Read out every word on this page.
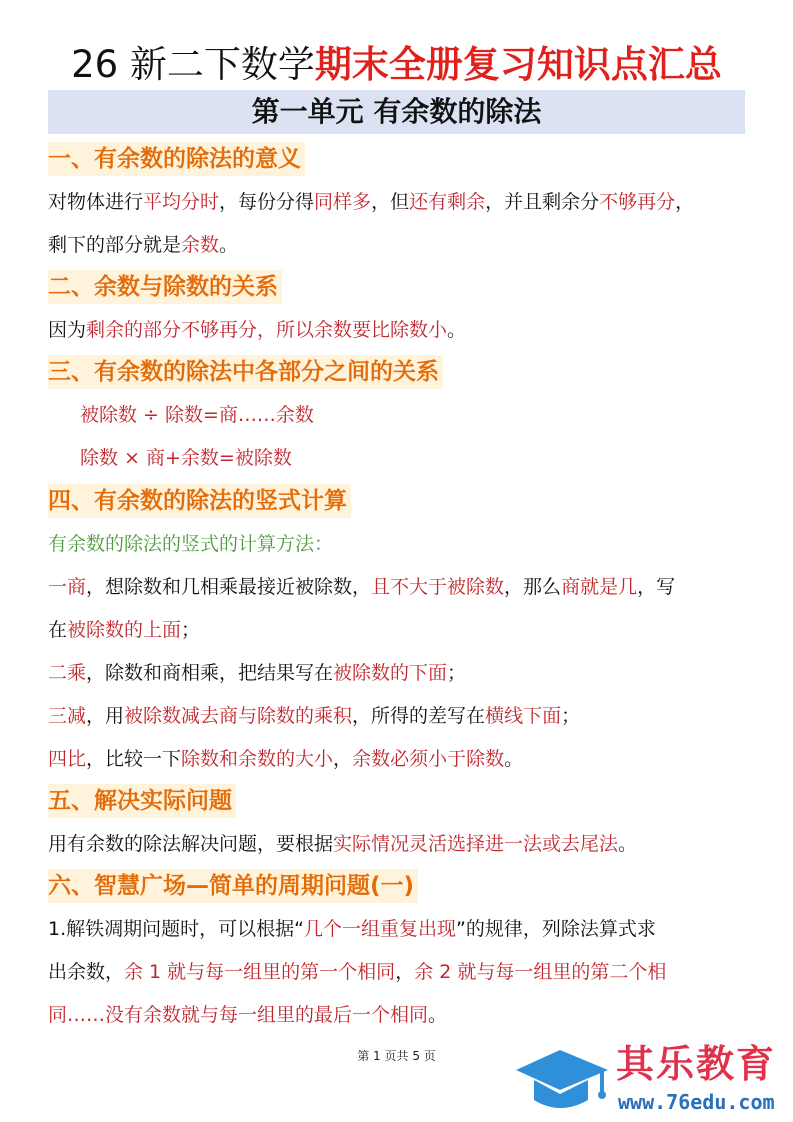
26 新二下数学期末全册复习知识点汇总
第一单元 有余数的除法
一、有余数的除法的意义
对物体进行平均分时，每份分得同样多，但还有剩余，并且剩余分不够再分，
剩下的部分就是余数。
二、余数与除数的关系
因为剩余的部分不够再分，所以余数要比除数小。
三、有余数的除法中各部分之间的关系
被除数 ÷ 除数=商……余数
除数 × 商+余数=被除数
四、有余数的除法的竖式计算
有余数的除法的竖式的计算方法：
一商，想除数和几相乘最接近被除数，且不大于被除数，那么商就是几，写
在被除数的上面；
二乘，除数和商相乘，把结果写在被除数的下面；
三减，用被除数减去商与除数的乘积，所得的差写在横线下面；
四比，比较一下除数和余数的大小，余数必须小于除数。
五、解决实际问题
用有余数的除法解决问题，要根据实际情况灵活选择进一法或去尾法。
六、智慧广场—简单的周期问题(一)
1.解铁凋期问题时，可以根据“几个一组重复出现”的规律，列除法算式求
出余数，余 1 就与每一组里的第一个相同，余 2 就与每一组里的第二个相
同……没有余数就与每一组里的最后一个相同。
第 1 页共 5 页	其乐教育
www.76edu.com
